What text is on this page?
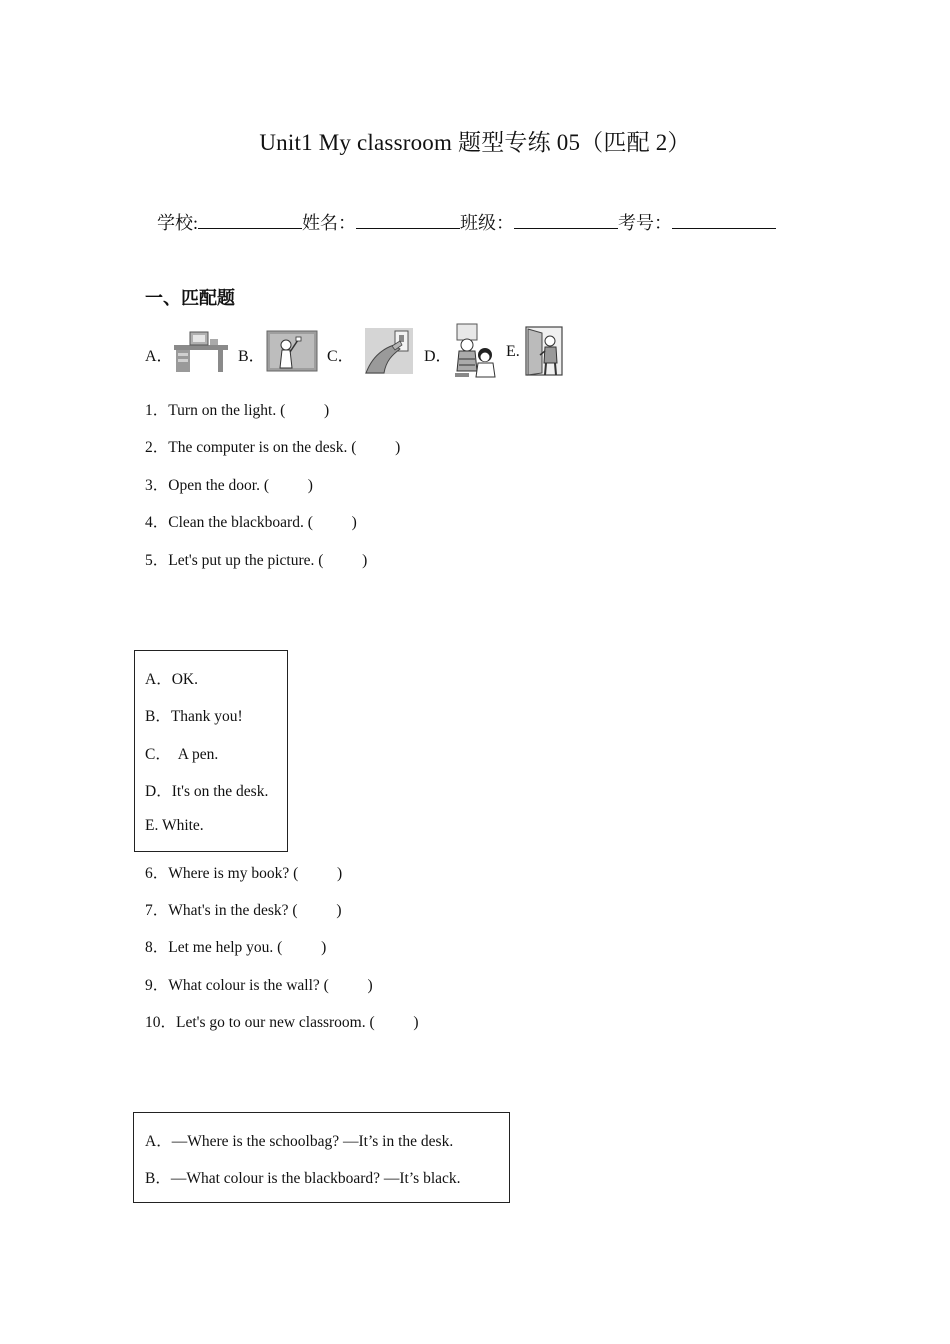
Unit1 My classroom 题型专练 05（匹配 2）
学校:	姓名：	班级：	考号：
一、匹配题
A．	B．	C．	D．	E.
1．Turn on the light. (          )
2．The computer is on the desk. (          )
3．Open the door. (          )
4．Clean the blackboard. (          )
5．Let's put up the picture. (          )
A．OK.
B．Thank you!
C．  A pen.
D．It's on the desk.
E. White.
6．Where is my book? (          )
7．What's in the desk? (          )
8．Let me help you. (          )
9．What colour is the wall? (          )
10．Let's go to our new classroom. (          )
A．—Where is the schoolbag? —It’s in the desk.
B．—What colour is the blackboard? —It’s black.
